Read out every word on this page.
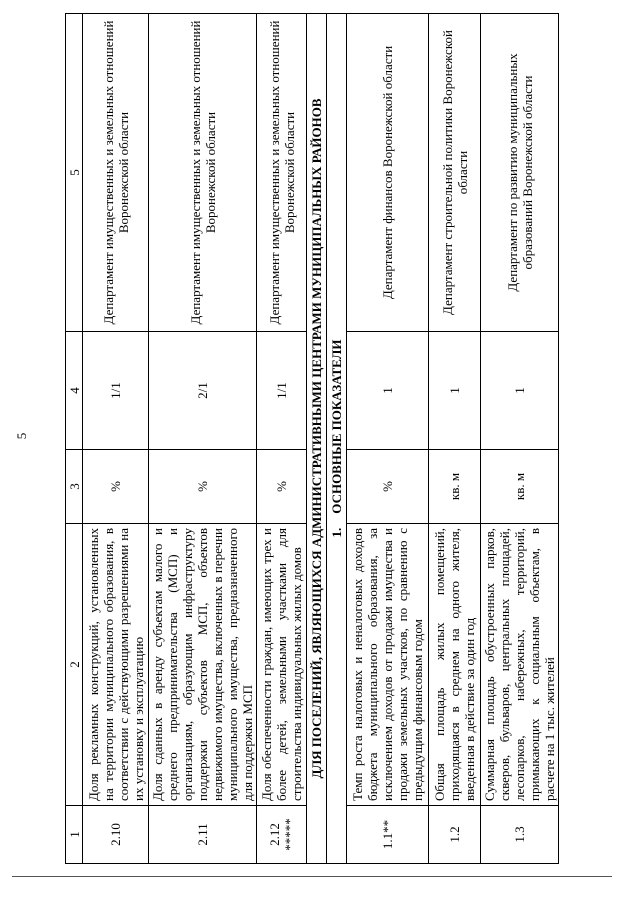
5
1	2	3	4	5
2.10	Доля рекламных конструкций, установленных на территории муниципального образования, в соответствии с действующими разрешениями на их установку и эксплуатацию	%	1/1	Департамент имущественных и земельных отношений Воронежской области
2.11	Доля сданных в аренду субъектам малого и среднего предпринимательства (МСП) и организациям, образующим инфраструктуру поддержки субъектов МСП, объектов недвижимого имущества, включенных в перечни муниципального имущества, предназначенного для поддержки МСП	%	2/1	Департамент имущественных и земельных отношений Воронежской области
2.12 *****	Доля обеспеченности граждан, имеющих трех и более детей, земельными участками для строительства индивидуальных жилых домов	%	1/1	Департамент имущественных и земельных отношений Воронежской области
ДЛЯ ПОСЕЛЕНИЙ, ЯВЛЯЮЩИХСЯ АДМИНИСТРАТИВНЫМИ ЦЕНТРАМИ МУНИЦИПАЛЬНЫХ РАЙОНОВ				
1.ОСНОВНЫЕ ПОКАЗАТЕЛИ				
1.1**	Темп роста налоговых и неналоговых доходов бюджета муниципального образования, за исключением доходов от продажи имущества и продажи земельных участков, по сравнению с предыдущим финансовым годом	%	1	Департамент финансов Воронежской области
1.2	Общая площадь жилых помещений, приходящаяся в среднем на одного жителя, введенная в действие за один год	кв. м	1	Департамент строительной политики Воронежской области
1.3	Суммарная площадь обустроенных парков, скверов, бульваров, центральных площадей, лесопарков, набережных, территорий, примыкающих к социальным объектам, в расчете на 1 тыс. жителей	кв. м	1	Департамент по развитию муниципальных образований Воронежской области
